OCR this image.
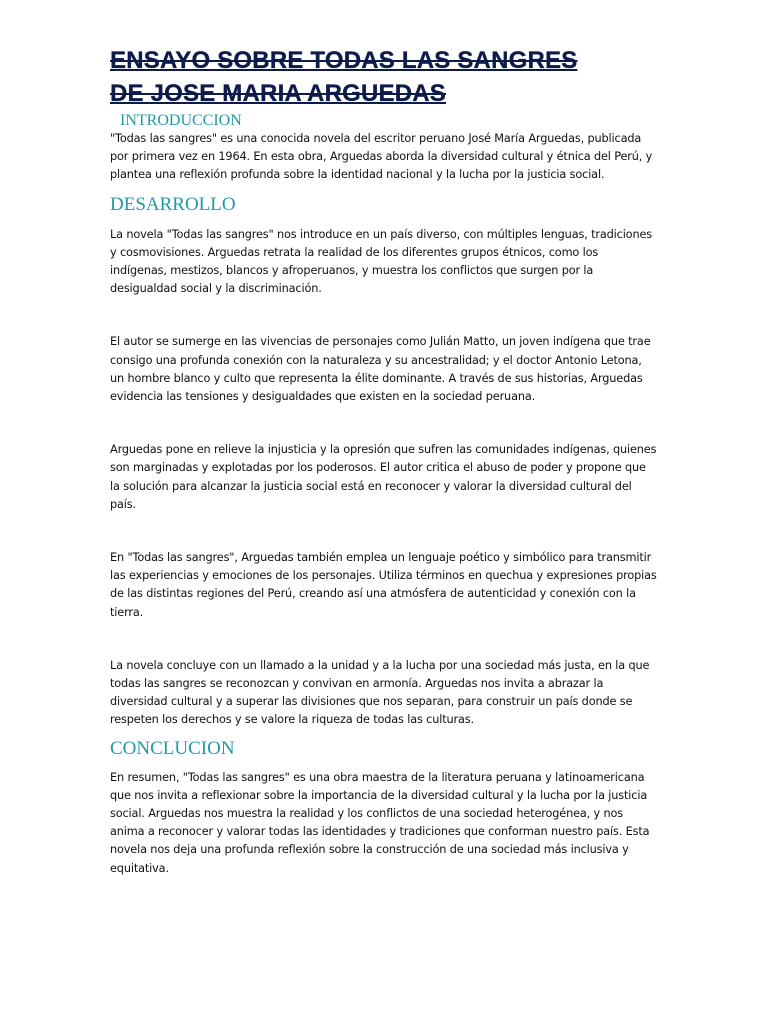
ENSAYO SOBRE TODAS LAS SANGRES
DE JOSE MARIA ARGUEDAS
INTRODUCCION

"Todas las sangres" es una conocida novela del escritor peruano José María Arguedas, publicada por primera vez en 1964. En esta obra, Arguedas aborda la diversidad cultural y étnica del Perú, y plantea una reflexión profunda sobre la identidad nacional y la lucha por la justicia social.

DESARROLLO

La novela "Todas las sangres" nos introduce en un país diverso, con múltiples lenguas, tradiciones y cosmovisiones. Arguedas retrata la realidad de los diferentes grupos étnicos, como los indígenas, mestizos, blancos y afroperuanos, y muestra los conflictos que surgen por la desigualdad social y la discriminación.

El autor se sumerge en las vivencias de personajes como Julián Matto, un joven indígena que trae consigo una profunda conexión con la naturaleza y su ancestralidad; y el doctor Antonio Letona, un hombre blanco y culto que representa la élite dominante. A través de sus historias, Arguedas evidencia las tensiones y desigualdades que existen en la sociedad peruana.

Arguedas pone en relieve la injusticia y la opresión que sufren las comunidades indígenas, quienes son marginadas y explotadas por los poderosos. El autor critica el abuso de poder y propone que la solución para alcanzar la justicia social está en reconocer y valorar la diversidad cultural del país.

En "Todas las sangres", Arguedas también emplea un lenguaje poético y simbólico para transmitir las experiencias y emociones de los personajes. Utiliza términos en quechua y expresiones propias de las distintas regiones del Perú, creando así una atmósfera de autenticidad y conexión con la tierra.

La novela concluye con un llamado a la unidad y a la lucha por una sociedad más justa, en la que todas las sangres se reconozcan y convivan en armonía. Arguedas nos invita a abrazar la diversidad cultural y a superar las divisiones que nos separan, para construir un país donde se respeten los derechos y se valore la riqueza de todas las culturas.

CONCLUCION

En resumen, "Todas las sangres" es una obra maestra de la literatura peruana y latinoamericana que nos invita a reflexionar sobre la importancia de la diversidad cultural y la lucha por la justicia social. Arguedas nos muestra la realidad y los conflictos de una sociedad heterogénea, y nos anima a reconocer y valorar todas las identidades y tradiciones que conforman nuestro país. Esta novela nos deja una profunda reflexión sobre la construcción de una sociedad más inclusiva y equitativa.
